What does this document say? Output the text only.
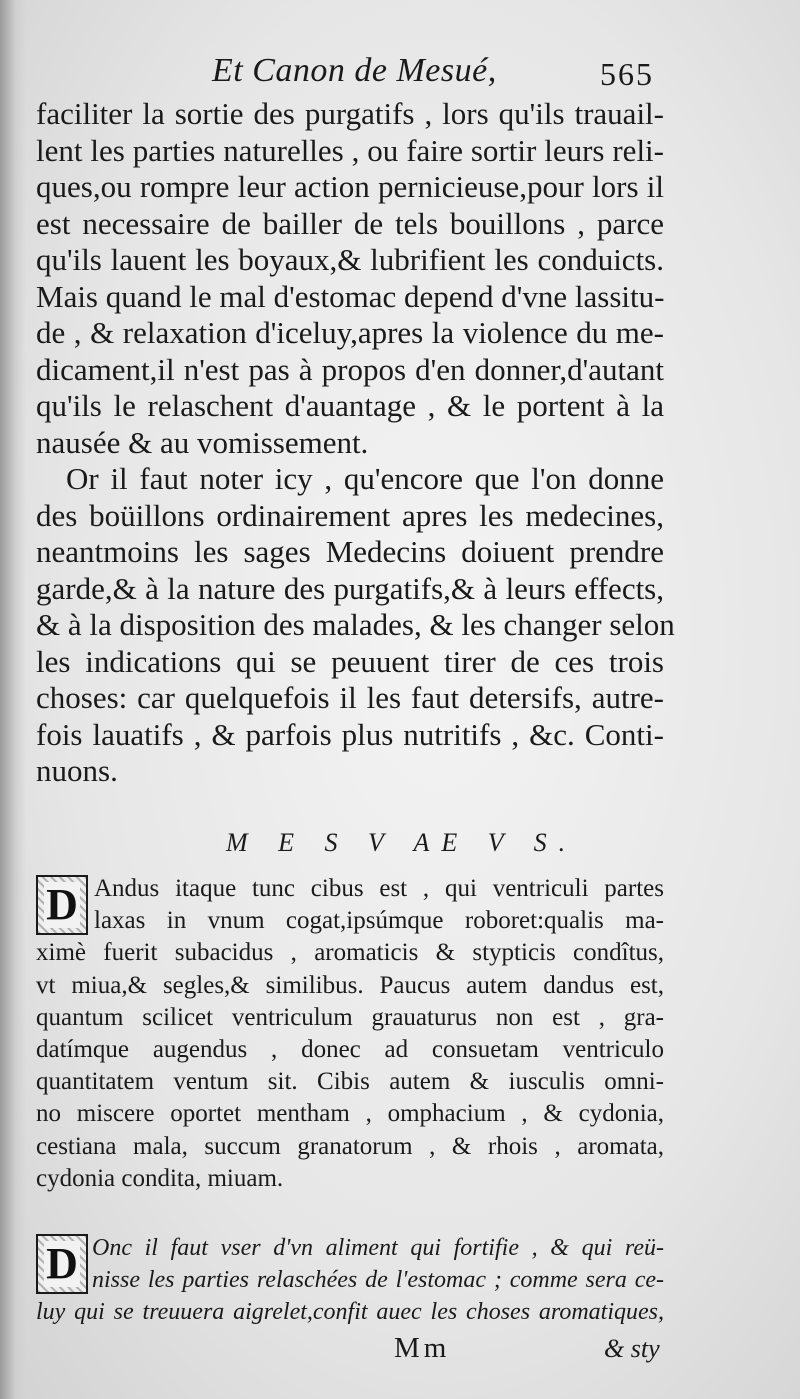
Et Canon de Mesué,	565
faciliter la sortie des purgatifs , lors qu'ils trauail-
lent les parties naturelles , ou faire sortir leurs reli-
ques,ou rompre leur action pernicieuse,pour lors il
est necessaire de bailler de tels bouillons , parce
qu'ils lauent les boyaux,& lubrifient les conduicts.
Mais quand le mal d'estomac depend d'vne lassitu-
de , & relaxation d'iceluy,apres la violence du me-
dicament,il n'est pas à propos d'en donner,d'autant
qu'ils le relaschent d'auantage , & le portent à la
nausée & au vomissement.
Or il faut noter icy , qu'encore que l'on donne
des boüillons ordinairement apres les medecines,
neantmoins les sages Medecins doiuent prendre
garde,& à la nature des purgatifs,& à leurs effects,
& à la disposition des malades, & les changer selon
les indications qui se peuuent tirer de ces trois
choses: car quelquefois il les faut detersifs, autre-
fois lauatifs , & parfois plus nutritifs , &c. Conti-
nuons.
M E S V AE V S.
D Andus itaque tunc cibus est , qui ventriculi partes
laxas in vnum cogat,ipsúmque roboret:qualis ma-
ximè fuerit subacidus , aromaticis & stypticis condîtus,
vt miua,& segles,& similibus. Paucus autem dandus est,
quantum scilicet ventriculum grauaturus non est , gra-
datímque augendus , donec ad consuetam ventriculo
quantitatem ventum sit. Cibis autem & iusculis omni-
no miscere oportet mentham , omphacium , & cydonia,
cestiana mala, succum granatorum , & rhois , aromata,
cydonia condita, miuam.
D Onc il faut vser d'vn aliment qui fortifie , & qui reü-
nisse les parties relaschées de l'estomac ; comme sera ce-
luy qui se treuuera aigrelet,confit auec les choses aromatiques,
Mm	& sty
